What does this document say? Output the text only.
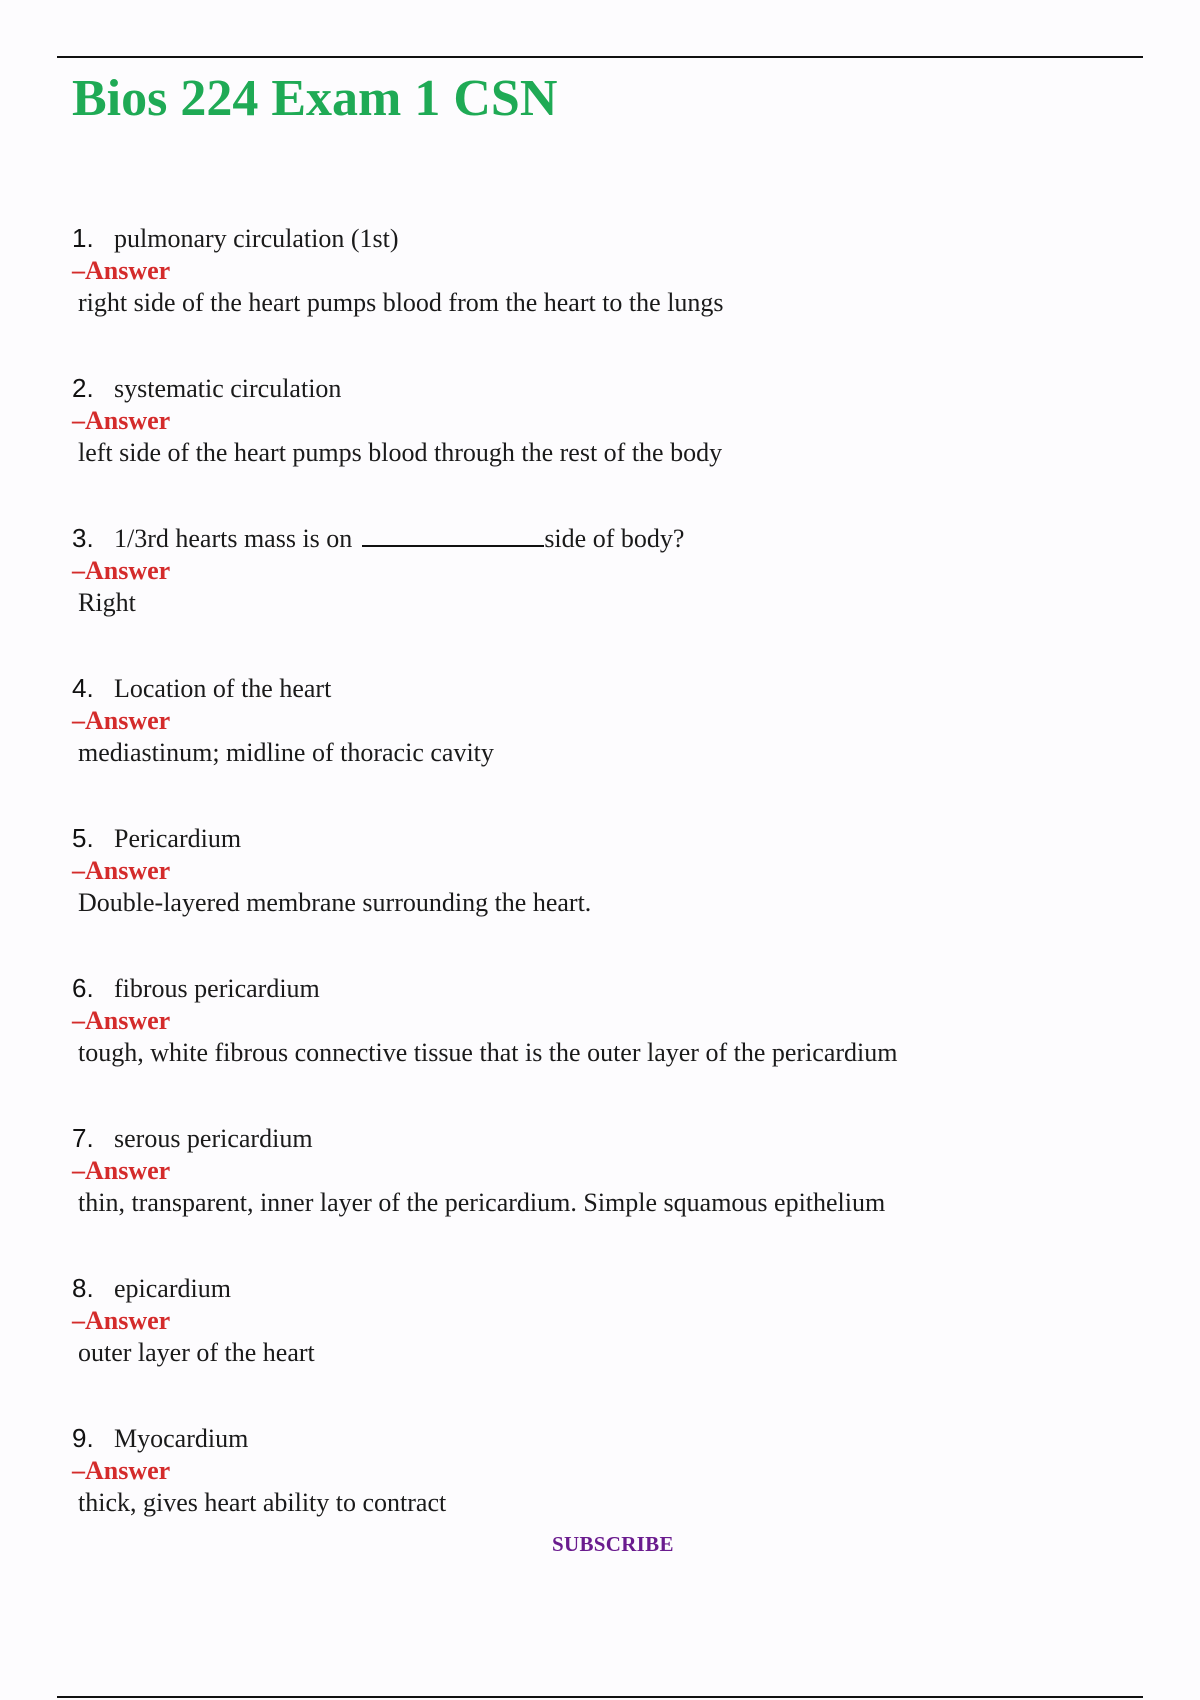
Bios 224 Exam 1 CSN
1. pulmonary circulation (1st)
–Answer
right side of the heart pumps blood from the heart to the lungs
2. systematic circulation
–Answer
left side of the heart pumps blood through the rest of the body
3. 1/3rd hearts mass is on	side of body?
–Answer
Right
4. Location of the heart
–Answer
mediastinum; midline of thoracic cavity
5. Pericardium
–Answer
Double-layered membrane surrounding the heart.
6. fibrous pericardium
–Answer
tough, white fibrous connective tissue that is the outer layer of the pericardium
7. serous pericardium
–Answer
thin, transparent, inner layer of the pericardium. Simple squamous epithelium
8. epicardium
–Answer
outer layer of the heart
9. Myocardium
–Answer
thick, gives heart ability to contract
SUBSCRIBE
